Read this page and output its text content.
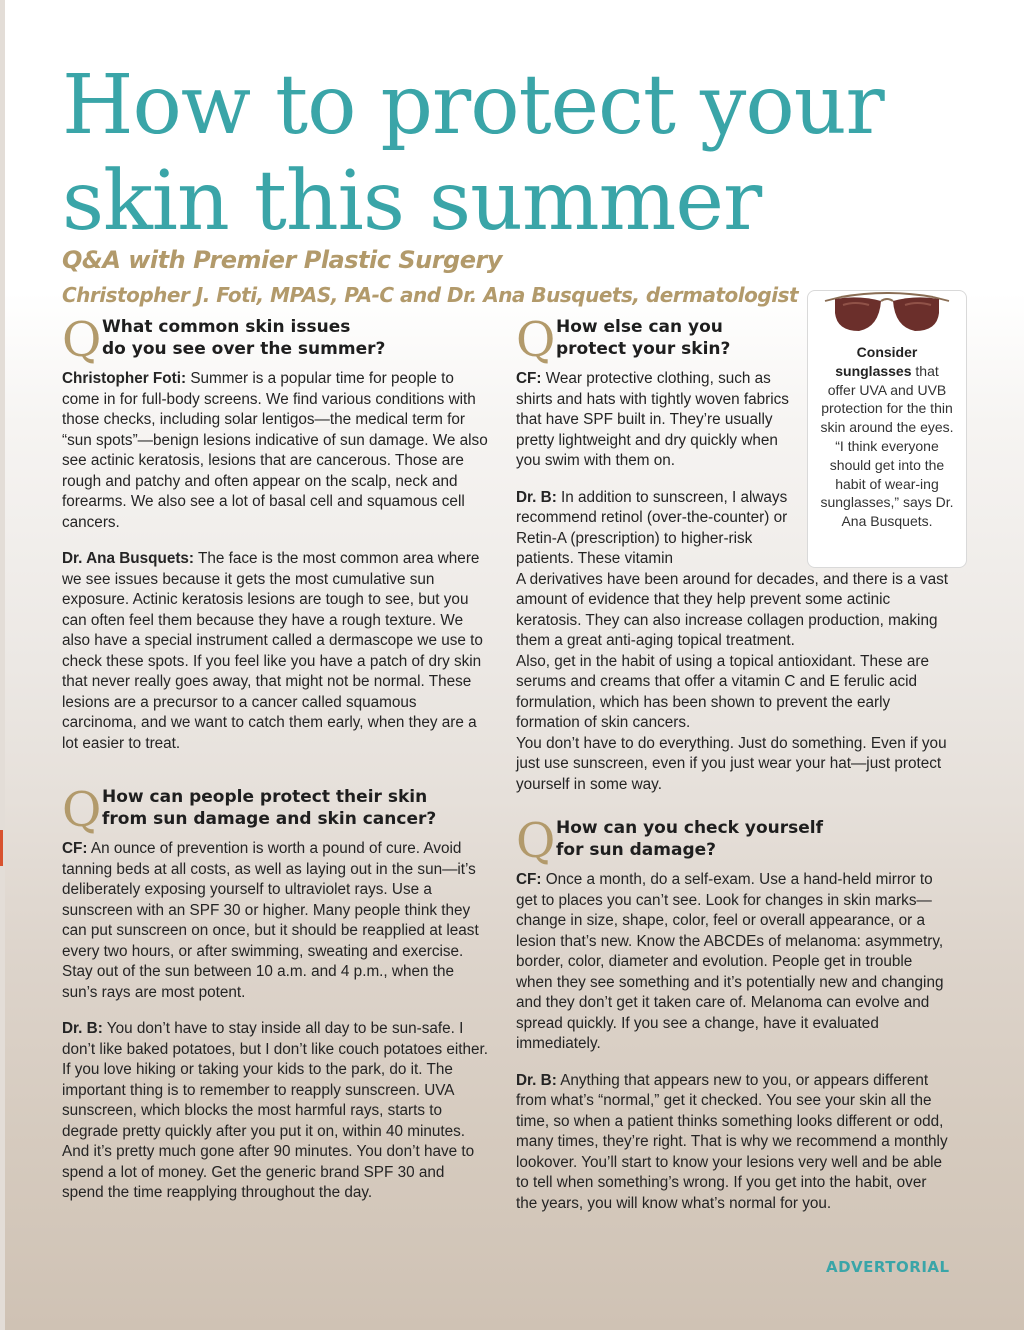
How to protect your
skin this summer
Q&A with Premier Plastic Surgery
Christopher J. Foti, MPAS, PA-C and Dr. Ana Busquets, dermatologist
Q What common skin issues
do you see over the summer?

Christopher Foti: Summer is a popular time for people to come in for full-body screens. We find various conditions with those checks, including solar lentigos—the medical term for “sun spots”—benign lesions indicative of sun damage. We also see actinic keratosis, lesions that are cancerous. Those are rough and patchy and often appear on the scalp, neck and forearms. We also see a lot of basal cell and squamous cell cancers.

Dr. Ana Busquets: The face is the most common area where we see issues because it gets the most cumulative sun exposure. Actinic keratosis lesions are tough to see, but you can often feel them because they have a rough texture. We also have a special instrument called a dermascope we use to check these spots. If you feel like you have a patch of dry skin that never really goes away, that might not be normal. These lesions are a precursor to a cancer called squamous carcinoma, and we want to catch them early, when they are a lot easier to treat.

Q How can people protect their skin
from sun damage and skin cancer?

CF: An ounce of prevention is worth a pound of cure. Avoid tanning beds at all costs, as well as laying out in the sun—it’s deliberately exposing yourself to ultraviolet rays. Use a sunscreen with an SPF 30 or higher. Many people think they can put sunscreen on once, but it should be reapplied at least every two hours, or after swimming, sweating and exercise. Stay out of the sun between 10 a.m. and 4 p.m., when the sun’s rays are most potent.

Dr. B: You don’t have to stay inside all day to be sun-safe. I don’t like baked potatoes, but I don’t like couch potatoes either. If you love hiking or taking your kids to the park, do it. The important thing is to remember to reapply sunscreen. UVA sunscreen, which blocks the most harmful rays, starts to degrade pretty quickly after you put it on, within 40 minutes. And it’s pretty much gone after 90 minutes. You don’t have to spend a lot of money. Get the generic brand SPF 30 and spend the time reapplying throughout the day.

Q How else can you
protect your skin?

CF: Wear protective clothing, such as shirts and hats with tightly woven fabrics that have SPF built in. They’re usually pretty lightweight and dry quickly when you swim with them on.

Dr. B: In addition to sunscreen, I always recommend retinol (over-the-counter) or Retin-A (prescription) to higher-risk patients. These vitamin

A derivatives have been around for decades, and there is a vast amount of evidence that they help prevent some actinic keratosis. They can also increase collagen production, making them a great anti-aging topical treatment.

Also, get in the habit of using a topical antioxidant. These are serums and creams that offer a vitamin C and E ferulic acid formulation, which has been shown to prevent the early formation of skin cancers.

You don’t have to do everything. Just do something. Even if you just use sunscreen, even if you just wear your hat—just protect yourself in some way.

Q How can you check yourself
for sun damage?

CF: Once a month, do a self-exam. Use a hand-held mirror to get to places you can’t see. Look for changes in skin marks—change in size, shape, color, feel or overall appearance, or a lesion that’s new. Know the ABCDEs of melanoma: asymmetry, border, color, diameter and evolution. People get in trouble when they see something and it’s potentially new and changing and they don’t get it taken care of. Melanoma can evolve and spread quickly. If you see a change, have it evaluated immediately.

Dr. B: Anything that appears new to you, or appears different from what’s “normal,” get it checked. You see your skin all the time, so when a patient thinks something looks different or odd, many times, they’re right. That is why we recommend a monthly lookover. You’ll start to know your lesions very well and be able to tell when something’s wrong. If you get into the habit, over the years, you will know what’s normal for you.

Consider sunglasses that offer UVA and UVB protection for the thin skin around the eyes. “I think everyone should get into the habit of wear-ing sunglasses,” says Dr. Ana Busquets.
ADVERTORIAL
